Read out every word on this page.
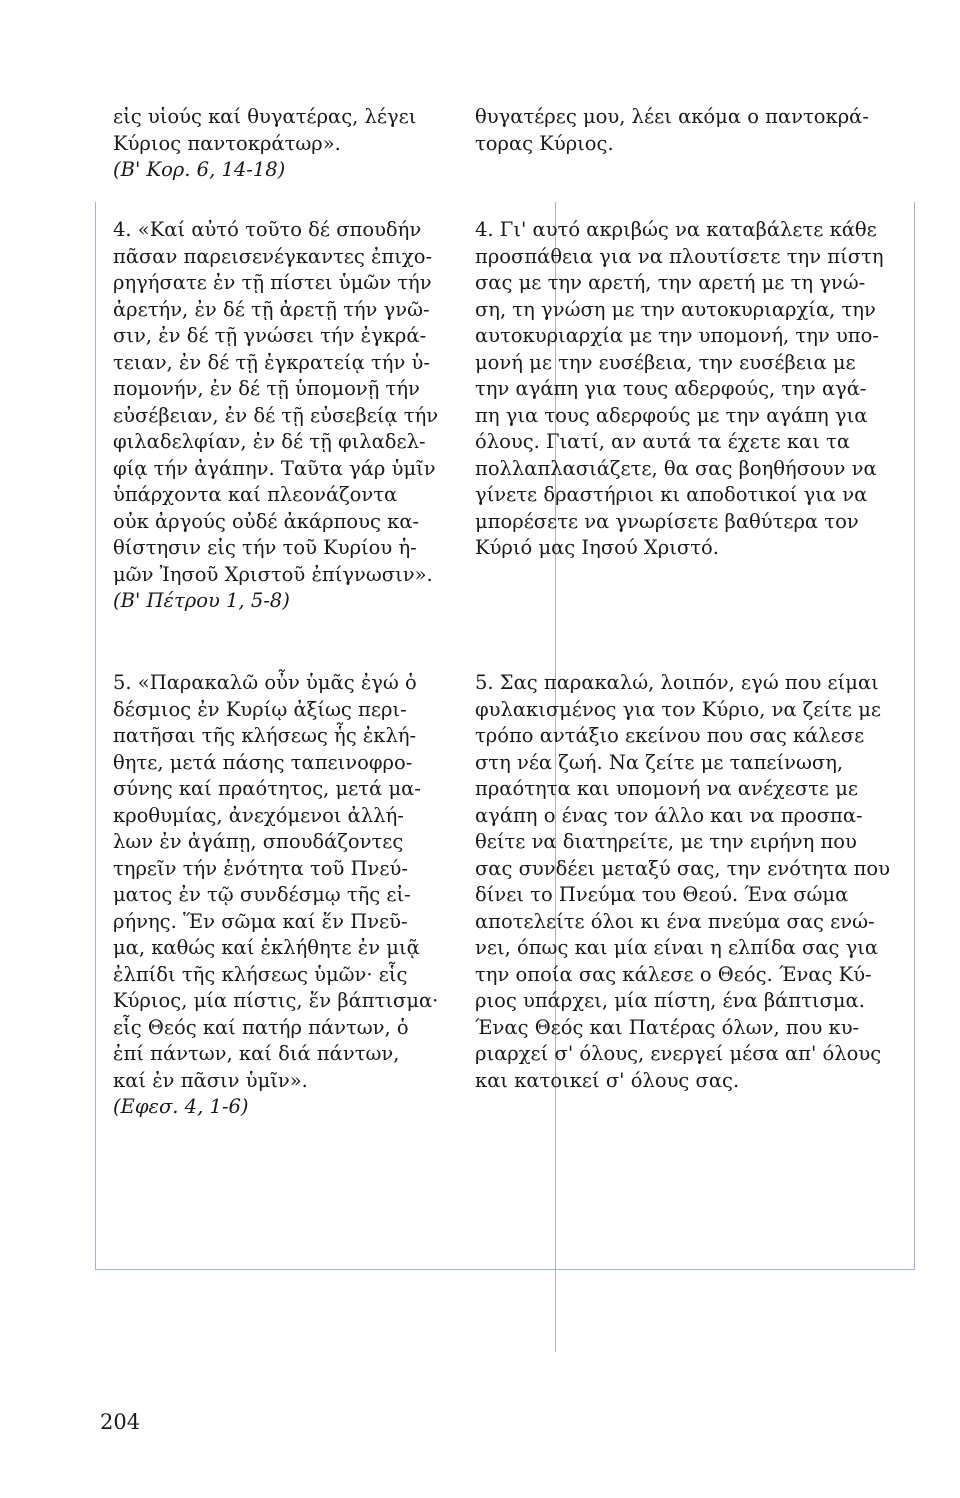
εἰς υἱούς καί θυγατέρας, λέγει
Κύριος παντοκράτωρ».
(Β' Κορ. 6, 14-18)
θυγατέρες μου, λέει ακόμα ο παντοκρά-
τορας Κύριος.
4. «Καί αὐτό τοῦτο δέ σπουδήν
πᾶσαν παρεισενέγκαντες ἐπιχο-
ρηγήσατε ἐν τῇ πίστει ὑμῶν τήν
ἀρετήν, ἐν δέ τῇ ἀρετῇ τήν γνῶ-
σιν, ἐν δέ τῇ γνώσει τήν ἐγκρά-
τειαν, ἐν δέ τῇ ἐγκρατείᾳ τήν ὑ-
πομονήν, ἐν δέ τῇ ὑπομονῇ τήν
εὐσέβειαν, ἐν δέ τῇ εὐσεβείᾳ τήν
φιλαδελφίαν, ἐν δέ τῇ φιλαδελ-
φίᾳ τήν ἀγάπην. Ταῦτα γάρ ὑμῖν
ὑπάρχοντα καί πλεονάζοντα
οὐκ ἀργούς οὐδέ ἀκάρπους κα-
θίστησιν εἰς τήν τοῦ Κυρίου ἡ-
μῶν Ἰησοῦ Χριστοῦ ἐπίγνωσιν».
(Β' Πέτρου 1, 5-8)
4. Γι' αυτό ακριβώς να καταβάλετε κάθε
προσπάθεια για να πλουτίσετε την πίστη
σας με την αρετή, την αρετή με τη γνώ-
ση, τη γνώση με την αυτοκυριαρχία, την
αυτοκυριαρχία με την υπομονή, την υπο-
μονή με την ευσέβεια, την ευσέβεια με
την αγάπη για τους αδερφούς, την αγά-
πη για τους αδερφούς με την αγάπη για
όλους. Γιατί, αν αυτά τα έχετε και τα
πολλαπλασιάζετε, θα σας βοηθήσουν να
γίνετε δραστήριοι κι αποδοτικοί για να
μπορέσετε να γνωρίσετε βαθύτερα τον
Κύριό μας Ιησού Χριστό.
5. «Παρακαλῶ οὖν ὑμᾶς ἐγώ ὁ
δέσμιος ἐν Κυρίῳ ἀξίως περι-
πατῆσαι τῆς κλήσεως ἧς ἐκλή-
θητε, μετά πάσης ταπεινοφρο-
σύνης καί πραότητος, μετά μα-
κροθυμίας, ἀνεχόμενοι ἀλλή-
λων ἐν ἀγάπῃ, σπουδάζοντες
τηρεῖν τήν ἑνότητα τοῦ Πνεύ-
ματος ἐν τῷ συνδέσμῳ τῆς εἰ-
ρήνης. Ἕν σῶμα καί ἕν Πνεῦ-
μα, καθώς καί ἐκλήθητε ἐν μιᾷ
ἐλπίδι τῆς κλήσεως ὑμῶν· εἷς
Κύριος, μία πίστις, ἕν βάπτισμα·
εἷς Θεός καί πατήρ πάντων, ὁ
ἐπί πάντων, καί διά πάντων,
καί ἐν πᾶσιν ὑμῖν».
(Εφεσ. 4, 1-6)
5. Σας παρακαλώ, λοιπόν, εγώ που είμαι
φυλακισμένος για τον Κύριο, να ζείτε με
τρόπο αντάξιο εκείνου που σας κάλεσε
στη νέα ζωή. Να ζείτε με ταπείνωση,
πραότητα και υπομονή να ανέχεστε με
αγάπη ο ένας τον άλλο και να προσπα-
θείτε να διατηρείτε, με την ειρήνη που
σας συνδέει μεταξύ σας, την ενότητα που
δίνει το Πνεύμα του Θεού. Ένα σώμα
αποτελείτε όλοι κι ένα πνεύμα σας ενώ-
νει, όπως και μία είναι η ελπίδα σας για
την οποία σας κάλεσε ο Θεός. Ένας Κύ-
ριος υπάρχει, μία πίστη, ένα βάπτισμα.
Ένας Θεός και Πατέρας όλων, που κυ-
ριαρχεί σ' όλους, ενεργεί μέσα απ' όλους
και κατοικεί σ' όλους σας.
204
